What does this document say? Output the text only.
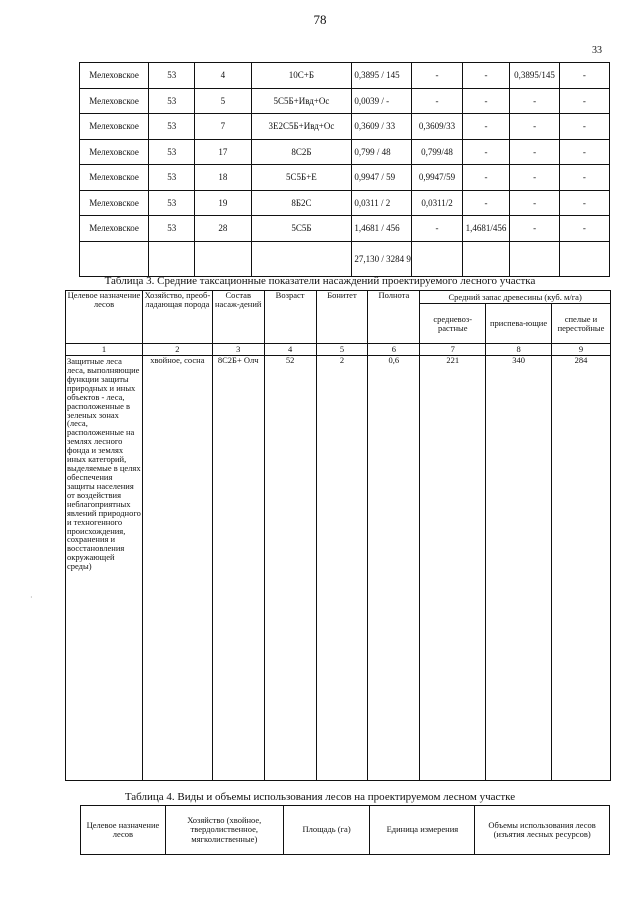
78
33
Мелеховское	53	4	10С+Б	0,3895 / 145	-	-	0,3895/145	-
Мелеховское	53	5	5С5Б+Ивд+Ос	0,0039 / -	-	-	-	-
Мелеховское	53	7	3Е2С5Б+Ивд+Ос	0,3609 / 33	0,3609/33	-	-	-
Мелеховское	53	17	8С2Б	0,799 / 48	0,799/48	-	-	-
Мелеховское	53	18	5С5Б+Е	0,9947 / 59	0,9947/59	-	-	-
Мелеховское	53	19	8Б2С	0,0311 / 2	0,0311/2	-	-	-
Мелеховское	53	28	5С5Б	1,4681 / 456	-	1,4681/456	-	-
				27,130 / 3284 9				
Таблица 3. Средние таксационные показатели насаждений проектируемого лесного участка
Целевое назначение лесов	Хозяйство, преоб-ладающая порода	Состав насаж-дений	Возраст	Бонитет	Полнота	Средний запас древесины (куб. м/га)		
						средневоз-растные	приспева-ющие	спелые и перестойные
1	2	3	4	5	6	7	8	9
Защитные леса леса, выполняющие функции защиты природных и иных объектов - леса, расположенные в зеленых зонах (леса, расположенные на землях лесного фонда и землях иных категорий, выделяемые в целях обеспечения защиты населения от воздействия неблагоприятных явлений природного и техногенного происхождения, сохранения и восстановления окружающей среды)	хвойное, сосна	8С2Б+ Олч	52	2	0,6	221	340	284
Таблица 4. Виды и объемы использования лесов на проектируемом лесном участке
Целевое назначение лесов	Хозяйство (хвойное, твердолиственное, мягколиственные)	Площадь (га)	Единица измерения	Объемы использования лесов (изъятия лесных ресурсов)
·
